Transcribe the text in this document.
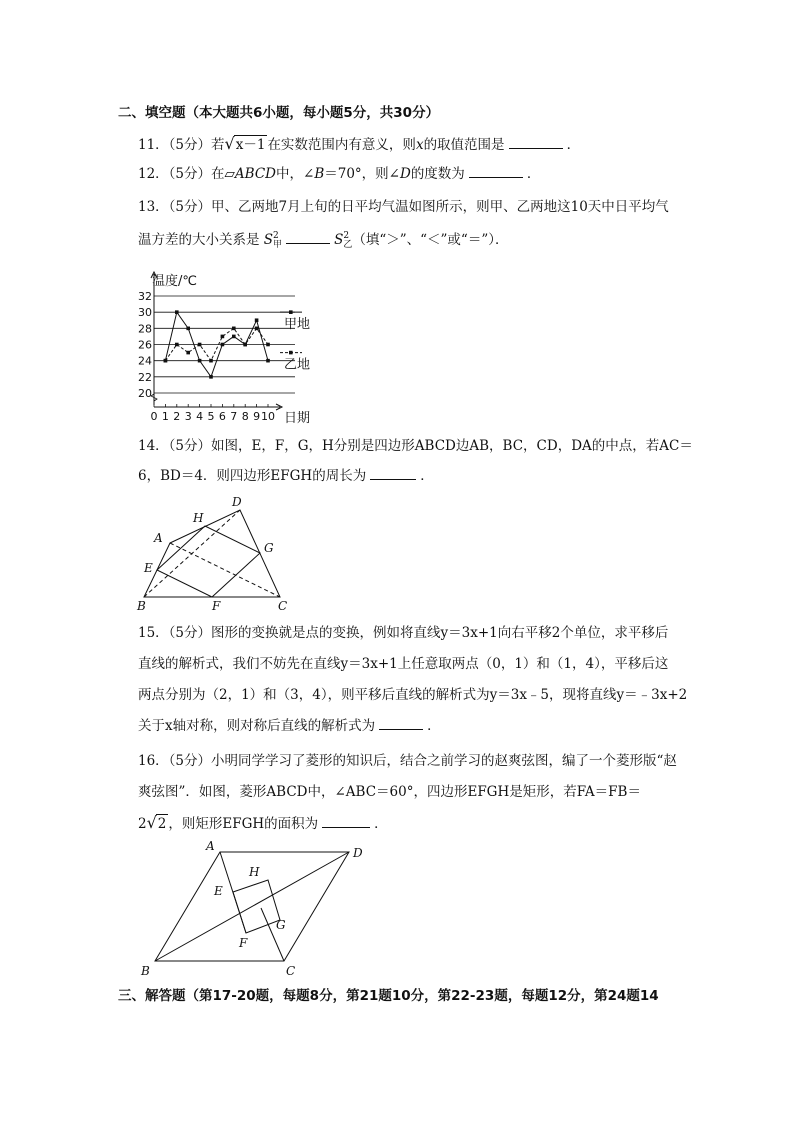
二、填空题（本大题共6小题，每小题5分，共30分）
11．（5分）若√x－1 在实数范围内有意义，则x的取值范围是	．
12．（5分）在▱ABCD中，∠B＝70°，则∠D的度数为	．
13．（5分）甲、乙两地7月上旬的日平均气温如图所示，则甲、乙两地这10天中日平均气
温方差的大小关系是 S 2
甲	S 2
乙 （填“＞”、“＜”或“＝”）．
20
22
24
26
28
30
32
0 1 2 3 4 5 6 7 8 9 10 日期
温度/℃
甲地
乙地
14．（5分）如图，E，F，G，H分别是四边形ABCD边AB，BC，CD，DA的中点，若AC＝
6，BD＝4．则四边形EFGH的周长为	．
A
H
D
G
E
B	F	C
15．（5分）图形的变换就是点的变换，例如将直线y＝3x+1向右平移2个单位，求平移后
直线的解析式，我们不妨先在直线y＝3x+1上任意取两点（0，1）和（1，4），平移后这
两点分别为（2，1）和（3，4），则平移后直线的解析式为y＝3x﹣5，现将直线y＝﹣3x+2
关于x轴对称，则对称后直线的解析式为	．
16．（5分）小明同学学习了菱形的知识后，结合之前学习的赵爽弦图，编了一个菱形版“赵
爽弦图”．如图，菱形ABCD中，∠ABC＝60°，四边形EFGH是矩形，若FA＝FB＝
2√2 ，则矩形EFGH的面积为	．
A	D
H
E
G
F
B	C
三、解答题（第17-20题，每题8分，第21题10分，第22-23题，每题12分，第24题14
